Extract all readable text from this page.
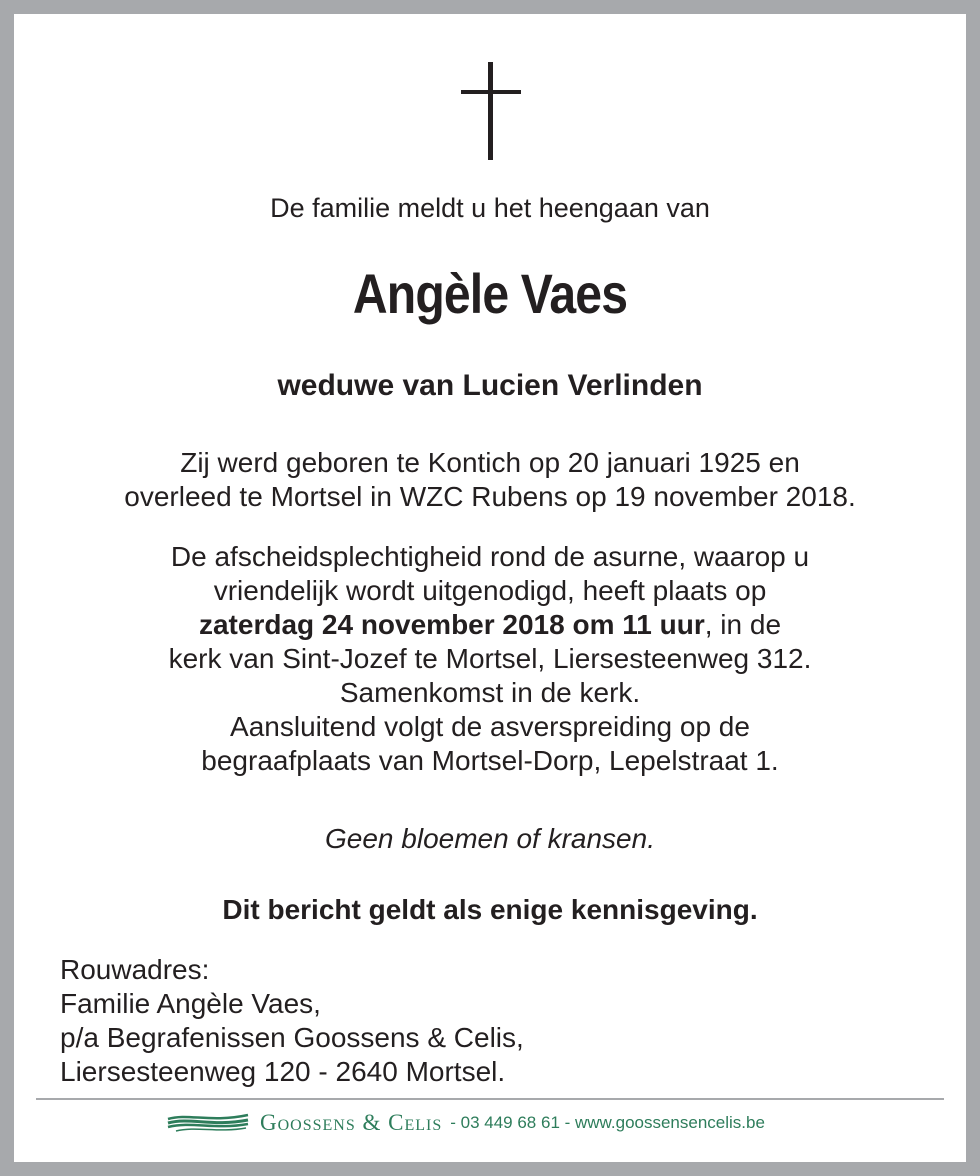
De familie meldt u het heengaan van
Angèle Vaes
weduwe van Lucien Verlinden
Zij werd geboren te Kontich op 20 januari 1925 en
overleed te Mortsel in WZC Rubens op 19 november 2018.
De afscheidsplechtigheid rond de asurne, waarop u
vriendelijk wordt uitgenodigd, heeft plaats op
zaterdag 24 november 2018 om 11 uur, in de
kerk van Sint-Jozef te Mortsel, Liersesteenweg 312.
Samenkomst in de kerk.
Aansluitend volgt de asverspreiding op de
begraafplaats van Mortsel-Dorp, Lepelstraat 1.
Geen bloemen of kransen.
Dit bericht geldt als enige kennisgeving.
Rouwadres:
Familie Angèle Vaes,
p/a Begrafenissen Goossens & Celis,
Liersesteenweg 120 - 2640 Mortsel.
Goossens & Celis - 03 449 68 61 - www.goossensencelis.be
